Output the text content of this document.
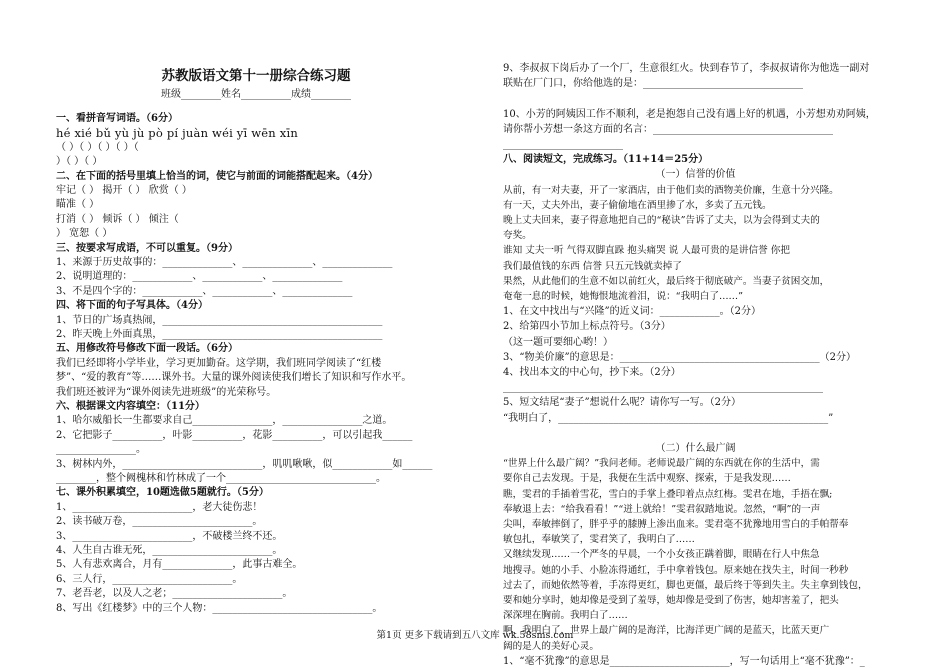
苏教版语文第十一册综合练习题
班级________姓名__________成绩________
一、看拼音写词语。（6分）
hé xié bǔ yù jù pò pí juàn wéi yī wēn xīn
（ ）（ ）（ ）（ ）（
）（ ）（ ）
二、在下面的括号里填上恰当的词，使它与前面的词能搭配起来。（4分）
牢记（ ） 揭开（ ） 欣赏（ ）
瞄准（ ）
打消（ ） 倾诉（ ） 倾注（
） 宽恕（ ）
三、按要求写成语，不可以重复。（9分）
1、来源于历史故事的：______________、______________、______________
2、说明道理的：____________、____________、______________
3、不是四个字的：____________、____________、______________
四、将下面的句子写具体。（4分）
1、节日的广场真热闹，____________________________________________
2、昨天晚上外面真黑，____________________________________________
五、用修改符号修改下面一段话。（6分）
我们已经即将小学毕业，学习更加勤奋。这学期，我们班同学阅读了“红楼
梦”、“爱的教育”等……课外书。大量的课外阅读使我们增长了知识和写作水平。
我们班还被评为“课外阅读先进班级”的光荣称号。
六、根据课文内容填空：（11分）
1、哈尔威船长一生都要求自己________________，________________之道。
2、它把影子__________，叶影__________，花影__________，可以引起我______
________________。
3、树林内外，____________________________，叽叽啾啾，似____________如______
________，整个阙槐林和竹林成了一个______________________________。
七、课外积累填空，10题选做5题就行。（5分）
1、________________________，老大徒伤悲！
2、读书破万卷，________________________。
3、________________________，不破楼兰终不还。
4、人生自古谁无死，________________________。
5、人有悲欢离合，月有______________，此事古难全。
6、三人行，________________________。
7、老吾老，以及人之老；______________________。
8、写出《红楼梦》中的三个人物：________________________________。
9、李叔叔下岗后办了一个厂，生意很红火。快到春节了，李叔叔请你为他选一副对
联贴在厂门口，你给他选的是：________________________________
10、小芳的阿姨因工作不顺利，老是抱怨自己没有遇上好的机遇，小芳想劝劝阿姨，
请你帮小芳想一条这方面的名言：____________________________________
________________________
八、阅读短文，完成练习。（11+14＝25分）
（一）信誉的价值
从前，有一对夫妻，开了一家酒店，由于他们卖的酒物美价廉，生意十分兴隆。
有一天，丈夫外出，妻子偷偷地在酒里掺了水，多卖了五元钱。
晚上丈夫回来，妻子得意地把自己的“秘诀”告诉了丈夫，以为会得到丈夫的
夸奖。
谁知 丈夫一听 气得双脚直跺 抱头痛哭 说 人最可贵的是讲信誉 你把
我们最值钱的东西 信誉 只五元钱就卖掉了
果然，从此他们的生意不如以前红火，最后终于彻底破产。当妻子贫困交加，
奄奄一息的时候，她悔恨地流着泪，说：“我明白了……”
1、在文中找出与“兴隆”的近义词：____________。（2分）
2、给第四小节加上标点符号。（3分）
（这一题可要细心哟！）
3、“物美价廉”的意思是：________________________________________（2分）
4、找出本文的中心句，抄下来。（2分）
________________________________________________________________
5、短文结尾“妻子”想说什么呢？请你写一写。（2分）
“我明白了，______________________________________________________”
（二）什么最广阔
“世界上什么最广阔？”我问老师。老师说最广阔的东西就在你的生活中，需
要你自己去发现。于是，我便在生活中观察、探索，于是我发现……
瞧，雯君的手插着雪花，雪白的手掌上叠印着点点红梅。雯君在地，手捂在飘;
奉敏退上去：“给我看看！”“迸上就给！”雯君叙踏地说。忽然，“啊”的一声
尖叫，奉敏摔倒了，胖乎乎的膝膊上渗出血来。雯君毫不犹豫地用雪白的手帕帮奉
敏包扎，奉敏笑了，雯君笑了，我明白了……
又继续发现……一个严冬的早晨，一个小女孩正蹒着脚，眼睛在行人中焦急
地搜寻。她的小手、小脸冻得通红，手中拿着钱包。原来她在找失主，时间一秒秒
过去了，而她依然等着，手冻得更红，脚也更僵，最后终于等到失主。失主拿到钱包，
要和她分享时，她却像是受到了羞辱，她却像是受到了伤害，她却害羞了，把头
深深埋在胸前。我明白了……
啊，我明白了，世界上最广阔的是海洋，比海洋更广阔的是蓝天，比蓝天更广
阔的是人的美好心灵。
1、“毫不犹豫”的意思是________________________，写一句话用上“毫不犹豫”：_
第1页 更多下载请到五八文库 wk.58sms.com
